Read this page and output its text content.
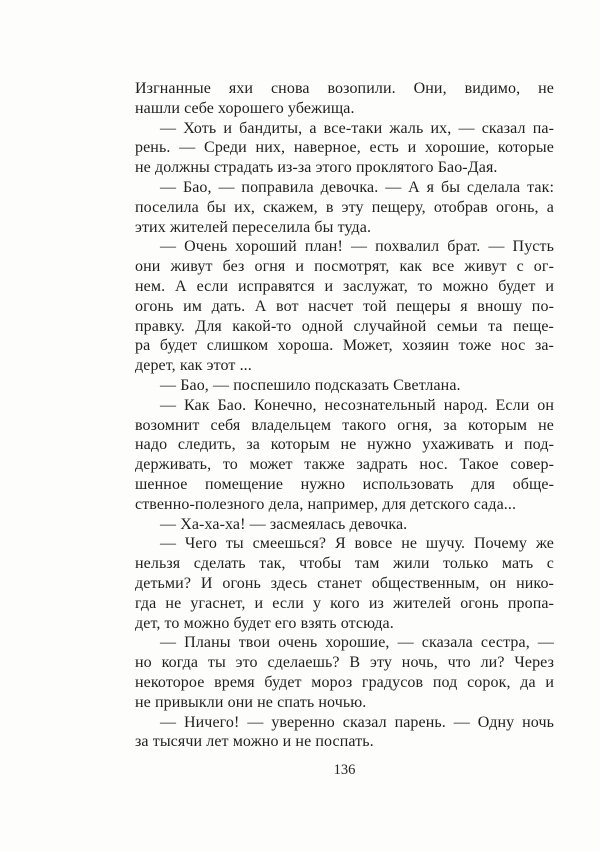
Изгнанные яхи снова возопили. Они, видимо, не
нашли себе хорошего убежища.
— Хоть и бандиты, а все-таки жаль их, — сказал па-
рень. — Среди них, наверное, есть и хорошие, которые
не должны страдать из-за этого проклятого Бао-Дая.
— Бао, — поправила девочка. — А я бы сделала так:
поселила бы их, скажем, в эту пещеру, отобрав огонь, а
этих жителей переселила бы туда.
— Очень хороший план! — похвалил брат. — Пусть
они живут без огня и посмотрят, как все живут с ог-
нем. А если исправятся и заслужат, то можно будет и
огонь им дать. А вот насчет той пещеры я вношу по-
правку. Для какой-то одной случайной семьи та пеще-
ра будет слишком хороша. Может, хозяин тоже нос за-
дерет, как этот ...
— Бао, — поспешило подсказать Светлана.
— Как Бао. Конечно, несознательный народ. Если он
возомнит себя владельцем такого огня, за которым не
надо следить, за которым не нужно ухаживать и под-
держивать, то может также задрать нос. Такое совер-
шенное помещение нужно использовать для обще-
ственно-полезного дела, например, для детского сада...
— Ха-ха-ха! — засмеялась девочка.
— Чего ты смеешься? Я вовсе не шучу. Почему же
нельзя сделать так, чтобы там жили только мать с
детьми? И огонь здесь станет общественным, он нико-
гда не угаснет, и если у кого из жителей огонь пропа-
дет, то можно будет его взять отсюда.
— Планы твои очень хорошие, — сказала сестра, —
но когда ты это сделаешь? В эту ночь, что ли? Через
некоторое время будет мороз градусов под сорок, да и
не привыкли они не спать ночью.
— Ничего! — уверенно сказал парень. — Одну ночь
за тысячи лет можно и не поспать.
136
